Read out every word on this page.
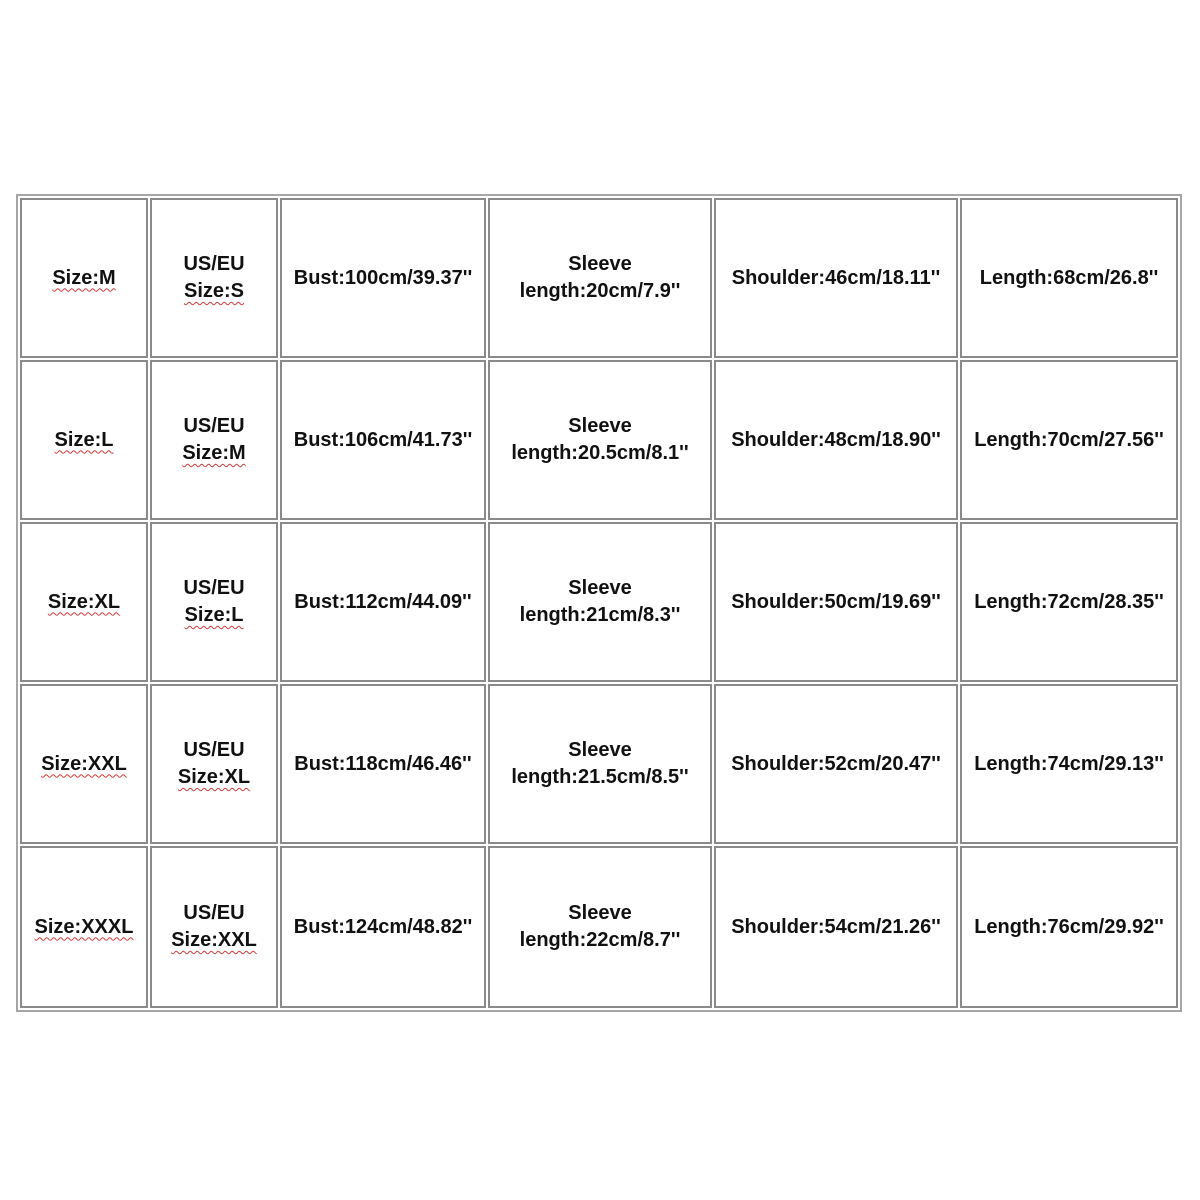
Size:M
US/EU
Size:S
Bust:100cm/39.37''
Sleeve
length:20cm/7.9''
Shoulder:46cm/18.11'' Length:68cm/26.8''
Size:L
US/EU
Size:M
Bust:106cm/41.73''
Sleeve
length:20.5cm/8.1''
Shoulder:48cm/18.90'' Length:70cm/27.56''
Size:XL
US/EU
Size:L
Bust:112cm/44.09''
Sleeve
length:21cm/8.3''
Shoulder:50cm/19.69'' Length:72cm/28.35''
Size:XXL
US/EU
Size:XL
Bust:118cm/46.46''
Sleeve
length:21.5cm/8.5''
Shoulder:52cm/20.47'' Length:74cm/29.13''
Size:XXXL
US/EU
Size:XXL
Bust:124cm/48.82''
Sleeve
length:22cm/8.7''
Shoulder:54cm/21.26'' Length:76cm/29.92''
